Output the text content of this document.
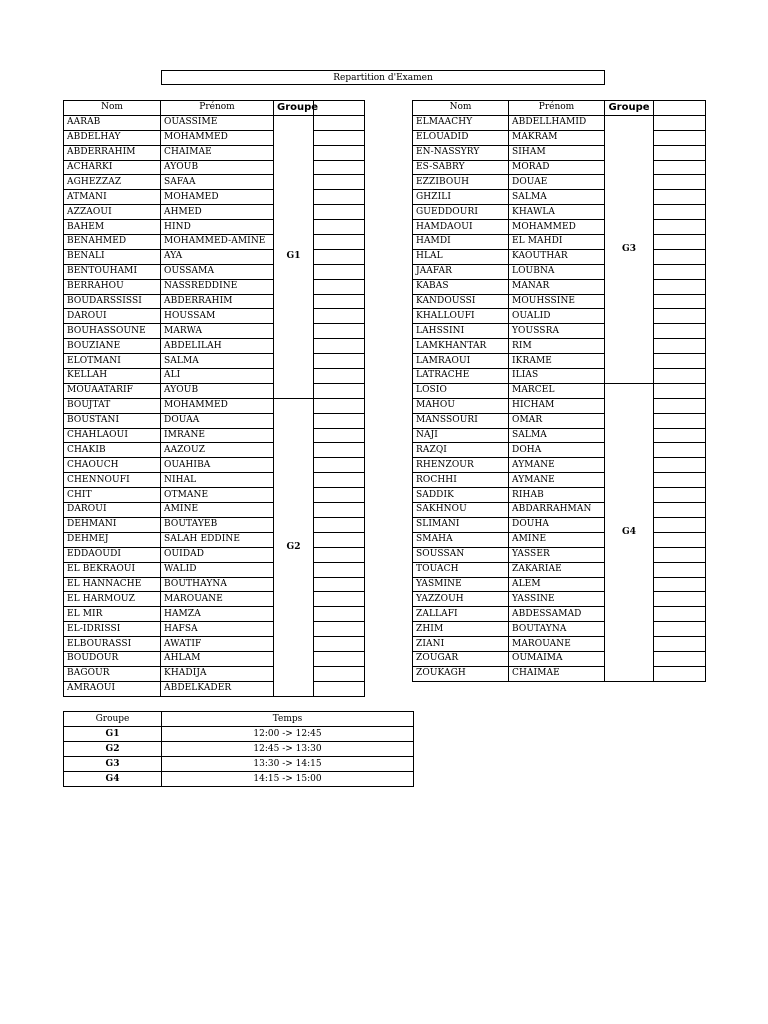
Repartition d'Examen
Nom	Prénom	Groupe	
AARAB	OUASSIME	G1	
ABDELHAY	MOHAMMED		
ABDERRAHIM	CHAIMAE		
ACHARKI	AYOUB		
AGHEZZAZ	SAFAA		
ATMANI	MOHAMED		
AZZAOUI	AHMED		
BAHEM	HIND		
BENAHMED	MOHAMMED-AMINE		
BENALI	AYA		
BENTOUHAMI	OUSSAMA		
BERRAHOU	NASSREDDINE		
BOUDARSSISSI	ABDERRAHIM		
DAROUI	HOUSSAM		
BOUHASSOUNE	MARWA		
BOUZIANE	ABDELILAH		
ELOTMANI	SALMA		
KELLAH	ALI		
MOUAATARIF	AYOUB		
BOUJTAT	MOHAMMED	G2	
BOUSTANI	DOUAA		
CHAHLAOUI	IMRANE		
CHAKIB	AAZOUZ		
CHAOUCH	OUAHIBA		
CHENNOUFI	NIHAL		
CHIT	OTMANE		
DAROUI	AMINE		
DEHMANI	BOUTAYEB		
DEHMEJ	SALAH EDDINE		
EDDAOUDI	OUIDAD		
EL BEKRAOUI	WALID		
EL HANNACHE	BOUTHAYNA		
EL HARMOUZ	MAROUANE		
EL MIR	HAMZA		
EL-IDRISSI	HAFSA		
ELBOURASSI	AWATIF		
BOUDOUR	AHLAM		
BAGOUR	KHADIJA		
AMRAOUI	ABDELKADER		
Nom	Prénom	Groupe	
ELMAACHY	ABDELLHAMID	G3	
ELOUADID	MAKRAM		
EN-NASSYRY	SIHAM		
ES-SABRY	MORAD		
EZZIBOUH	DOUAE		
GHZILI	SALMA		
GUEDDOURI	KHAWLA		
HAMDAOUI	MOHAMMED		
HAMDI	EL MAHDI		
HLAL	KAOUTHAR		
JAAFAR	LOUBNA		
KABAS	MANAR		
KANDOUSSI	MOUHSSINE		
KHALLOUFI	OUALID		
LAHSSINI	YOUSSRA		
LAMKHANTAR	RIM		
LAMRAOUI	IKRAME		
LATRACHE	ILIAS		
LOSIO	MARCEL	G4	
MAHOU	HICHAM		
MANSSOURI	OMAR		
NAJI	SALMA		
RAZQI	DOHA		
RHENZOUR	AYMANE		
ROCHHI	AYMANE		
SADDIK	RIHAB		
SAKHNOU	ABDARRAHMAN		
SLIMANI	DOUHA		
SMAHA	AMINE		
SOUSSAN	YASSER		
TOUACH	ZAKARIAE		
YASMINE	ALEM		
YAZZOUH	YASSINE		
ZALLAFI	ABDESSAMAD		
ZHIM	BOUTAYNA		
ZIANI	MAROUANE		
ZOUGAR	OUMAIMA		
ZOUKAGH	CHAIMAE		
Groupe	Temps
G1	12:00 -> 12:45
G2	12:45 -> 13:30
G3	13:30 -> 14:15
G4	14:15 -> 15:00
